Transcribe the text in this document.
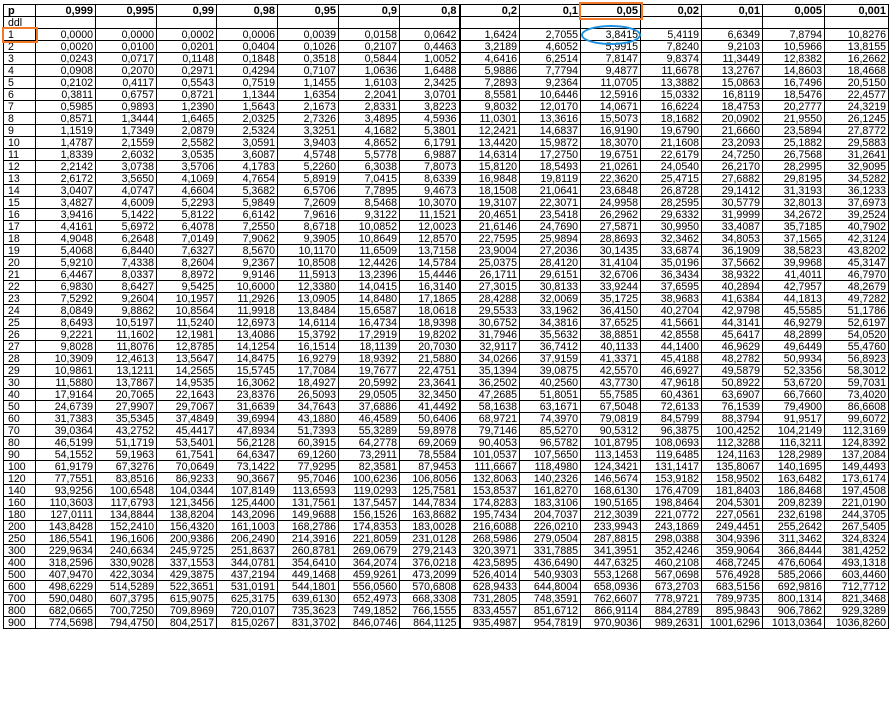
p	0,999	0,995	0,99	0,98	0,95	0,9	0,8	0,2	0,1	0,05	0,02	0,01	0,005	0,001
ddl														
1	0,0000	0,0000	0,0002	0,0006	0,0039	0,0158	0,0642	1,6424	2,7055	3,8415	5,4119	6,6349	7,8794	10,8276
2	0,0020	0,0100	0,0201	0,0404	0,1026	0,2107	0,4463	3,2189	4,6052	5,9915	7,8240	9,2103	10,5966	13,8155
3	0,0243	0,0717	0,1148	0,1848	0,3518	0,5844	1,0052	4,6416	6,2514	7,8147	9,8374	11,3449	12,8382	16,2662
4	0,0908	0,2070	0,2971	0,4294	0,7107	1,0636	1,6488	5,9886	7,7794	9,4877	11,6678	13,2767	14,8603	18,4668
5	0,2102	0,4117	0,5543	0,7519	1,1455	1,6103	2,3425	7,2893	9,2364	11,0705	13,3882	15,0863	16,7496	20,5150
6	0,3811	0,6757	0,8721	1,1344	1,6354	2,2041	3,0701	8,5581	10,6446	12,5916	15,0332	16,8119	18,5476	22,4577
7	0,5985	0,9893	1,2390	1,5643	2,1673	2,8331	3,8223	9,8032	12,0170	14,0671	16,6224	18,4753	20,2777	24,3219
8	0,8571	1,3444	1,6465	2,0325	2,7326	3,4895	4,5936	11,0301	13,3616	15,5073	18,1682	20,0902	21,9550	26,1245
9	1,1519	1,7349	2,0879	2,5324	3,3251	4,1682	5,3801	12,2421	14,6837	16,9190	19,6790	21,6660	23,5894	27,8772
10	1,4787	2,1559	2,5582	3,0591	3,9403	4,8652	6,1791	13,4420	15,9872	18,3070	21,1608	23,2093	25,1882	29,5883
11	1,8339	2,6032	3,0535	3,6087	4,5748	5,5778	6,9887	14,6314	17,2750	19,6751	22,6179	24,7250	26,7568	31,2641
12	2,2142	3,0738	3,5706	4,1783	5,2260	6,3038	7,8073	15,8120	18,5493	21,0261	24,0540	26,2170	28,2995	32,9095
13	2,6172	3,5650	4,1069	4,7654	5,8919	7,0415	8,6339	16,9848	19,8119	22,3620	25,4715	27,6882	29,8195	34,5282
14	3,0407	4,0747	4,6604	5,3682	6,5706	7,7895	9,4673	18,1508	21,0641	23,6848	26,8728	29,1412	31,3193	36,1233
15	3,4827	4,6009	5,2293	5,9849	7,2609	8,5468	10,3070	19,3107	22,3071	24,9958	28,2595	30,5779	32,8013	37,6973
16	3,9416	5,1422	5,8122	6,6142	7,9616	9,3122	11,1521	20,4651	23,5418	26,2962	29,6332	31,9999	34,2672	39,2524
17	4,4161	5,6972	6,4078	7,2550	8,6718	10,0852	12,0023	21,6146	24,7690	27,5871	30,9950	33,4087	35,7185	40,7902
18	4,9048	6,2648	7,0149	7,9062	9,3905	10,8649	12,8570	22,7595	25,9894	28,8693	32,3462	34,8053	37,1565	42,3124
19	5,4068	6,8440	7,6327	8,5670	10,1170	11,6509	13,7158	23,9004	27,2036	30,1435	33,6874	36,1909	38,5823	43,8202
20	5,9210	7,4338	8,2604	9,2367	10,8508	12,4426	14,5784	25,0375	28,4120	31,4104	35,0196	37,5662	39,9968	45,3147
21	6,4467	8,0337	8,8972	9,9146	11,5913	13,2396	15,4446	26,1711	29,6151	32,6706	36,3434	38,9322	41,4011	46,7970
22	6,9830	8,6427	9,5425	10,6000	12,3380	14,0415	16,3140	27,3015	30,8133	33,9244	37,6595	40,2894	42,7957	48,2679
23	7,5292	9,2604	10,1957	11,2926	13,0905	14,8480	17,1865	28,4288	32,0069	35,1725	38,9683	41,6384	44,1813	49,7282
24	8,0849	9,8862	10,8564	11,9918	13,8484	15,6587	18,0618	29,5533	33,1962	36,4150	40,2704	42,9798	45,5585	51,1786
25	8,6493	10,5197	11,5240	12,6973	14,6114	16,4734	18,9398	30,6752	34,3816	37,6525	41,5661	44,3141	46,9279	52,6197
26	9,2221	11,1602	12,1981	13,4086	15,3792	17,2919	19,8202	31,7946	35,5632	38,8851	42,8558	45,6417	48,2899	54,0520
27	9,8028	11,8076	12,8785	14,1254	16,1514	18,1139	20,7030	32,9117	36,7412	40,1133	44,1400	46,9629	49,6449	55,4760
28	10,3909	12,4613	13,5647	14,8475	16,9279	18,9392	21,5880	34,0266	37,9159	41,3371	45,4188	48,2782	50,9934	56,8923
29	10,9861	13,1211	14,2565	15,5745	17,7084	19,7677	22,4751	35,1394	39,0875	42,5570	46,6927	49,5879	52,3356	58,3012
30	11,5880	13,7867	14,9535	16,3062	18,4927	20,5992	23,3641	36,2502	40,2560	43,7730	47,9618	50,8922	53,6720	59,7031
40	17,9164	20,7065	22,1643	23,8376	26,5093	29,0505	32,3450	47,2685	51,8051	55,7585	60,4361	63,6907	66,7660	73,4020
50	24,6739	27,9907	29,7067	31,6639	34,7643	37,6886	41,4492	58,1638	63,1671	67,5048	72,6133	76,1539	79,4900	86,6608
60	31,7383	35,5345	37,4849	39,6994	43,1880	46,4589	50,6406	68,9721	74,3970	79,0819	84,5799	88,3794	91,9517	99,6072
70	39,0364	43,2752	45,4417	47,8934	51,7393	55,3289	59,8978	79,7146	85,5270	90,5312	96,3875	100,4252	104,2149	112,3169
80	46,5199	51,1719	53,5401	56,2128	60,3915	64,2778	69,2069	90,4053	96,5782	101,8795	108,0693	112,3288	116,3211	124,8392
90	54,1552	59,1963	61,7541	64,6347	69,1260	73,2911	78,5584	101,0537	107,5650	113,1453	119,6485	124,1163	128,2989	137,2084
100	61,9179	67,3276	70,0649	73,1422	77,9295	82,3581	87,9453	111,6667	118,4980	124,3421	131,1417	135,8067	140,1695	149,4493
120	77,7551	83,8516	86,9233	90,3667	95,7046	100,6236	106,8056	132,8063	140,2326	146,5674	153,9182	158,9502	163,6482	173,6174
140	93,9256	100,6548	104,0344	107,8149	113,6593	119,0293	125,7581	153,8537	161,8270	168,6130	176,4709	181,8403	186,8468	197,4508
160	110,3603	117,6793	121,3456	125,4400	131,7561	137,5457	144,7834	174,8283	183,3106	190,5165	198,8464	204,5301	209,8239	221,0190
180	127,0111	134,8844	138,8204	143,2096	149,9688	156,1526	163,8682	195,7434	204,7037	212,3039	221,0772	227,0561	232,6198	244,3705
200	143,8428	152,2410	156,4320	161,1003	168,2786	174,8353	183,0028	216,6088	226,0210	233,9943	243,1869	249,4451	255,2642	267,5405
250	186,5541	196,1606	200,9386	206,2490	214,3916	221,8059	231,0128	268,5986	279,0504	287,8815	298,0388	304,9396	311,3462	324,8324
300	229,9634	240,6634	245,9725	251,8637	260,8781	269,0679	279,2143	320,3971	331,7885	341,3951	352,4246	359,9064	366,8444	381,4252
400	318,2596	330,9028	337,1553	344,0781	354,6410	364,2074	376,0218	423,5895	436,6490	447,6325	460,2108	468,7245	476,6064	493,1318
500	407,9470	422,3034	429,3875	437,2194	449,1468	459,9261	473,2099	526,4014	540,9303	553,1268	567,0698	576,4928	585,2066	603,4460
600	498,6229	514,5289	522,3651	531,0191	544,1801	556,0560	570,6808	628,9433	644,8004	658,0936	673,2703	683,5156	692,9816	712,7712
700	590,0480	607,3795	615,9075	625,3175	639,6130	652,4973	668,3308	731,2805	748,3591	762,6607	778,9721	789,9735	800,1314	821,3468
800	682,0665	700,7250	709,8969	720,0107	735,3623	749,1852	766,1555	833,4557	851,6712	866,9114	884,2789	895,9843	906,7862	929,3289
900	774,5698	794,4750	804,2517	815,0267	831,3702	846,0746	864,1125	935,4987	954,7819	970,9036	989,2631	1001,6296	1013,0364	1036,8260
